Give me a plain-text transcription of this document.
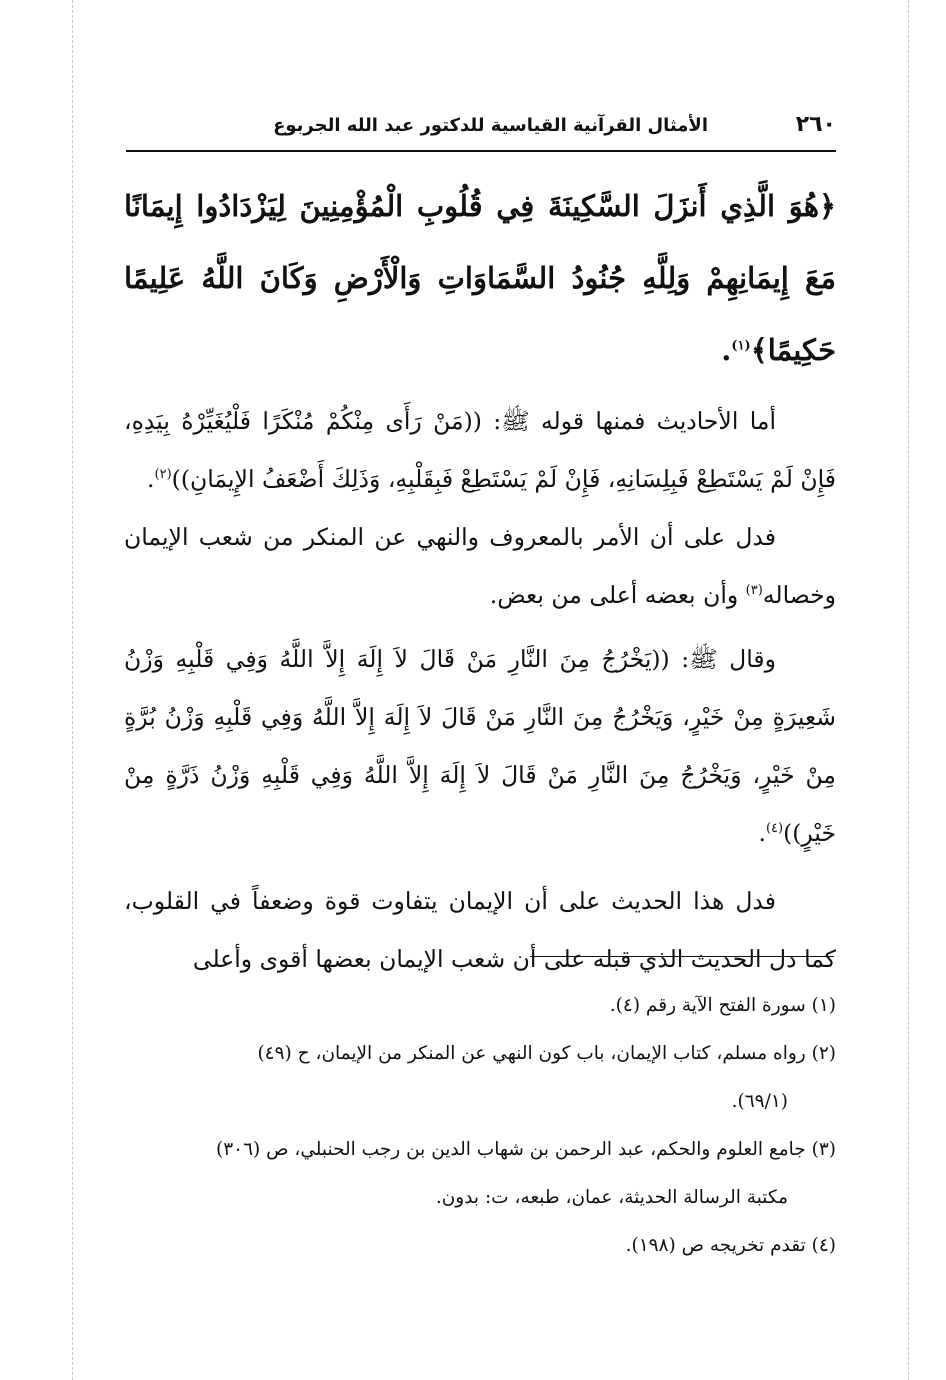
٢٦٠
الأمثال القرآنية القياسية للدكتور عبد الله الجربوع

﴿هُوَ الَّذِي أَنزَلَ السَّكِينَةَ فِي قُلُوبِ الْمُؤْمِنِينَ لِيَزْدَادُوا إِيمَانًا مَعَ إِيمَانِهِمْ وَلِلَّهِ جُنُودُ السَّمَاوَاتِ وَالْأَرْضِ وَكَانَ اللَّهُ عَلِيمًا حَكِيمًا﴾$^{(١)}$.

أما الأحاديث فمنها قوله ﷺ: ((مَنْ رَأَى مِنْكُمْ مُنْكَرًا فَلْيُغَيِّرْهُ بِيَدِهِ، فَإِنْ لَمْ يَسْتَطِعْ فَبِلِسَانِهِ، فَإِنْ لَمْ يَسْتَطِعْ فَبِقَلْبِهِ، وَذَلِكَ أَضْعَفُ الإِيمَانِ))$^{(٢)}$.

فدل على أن الأمر بالمعروف والنهي عن المنكر من شعب الإيمان وخصاله$^{(٣)}$ وأن بعضه أعلى من بعض.

وقال ﷺ: ((يَخْرُجُ مِنَ النَّارِ مَنْ قَالَ لاَ إِلَهَ إِلاَّ اللَّهُ وَفِي قَلْبِهِ وَزْنُ شَعِيرَةٍ مِنْ خَيْرٍ، وَيَخْرُجُ مِنَ النَّارِ مَنْ قَالَ لاَ إِلَهَ إِلاَّ اللَّهُ وَفِي قَلْبِهِ وَزْنُ بُرَّةٍ مِنْ خَيْرٍ، وَيَخْرُجُ مِنَ النَّارِ مَنْ قَالَ لاَ إِلَهَ إِلاَّ اللَّهُ وَفِي قَلْبِهِ وَزْنُ ذَرَّةٍ مِنْ خَيْرٍ))$^{(٤)}$.

فدل هذا الحديث على أن الإيمان يتفاوت قوة وضعفاً في القلوب، كما دل الحديث الذي قبله على أن شعب الإيمان بعضها أقوى وأعلى

(١) سورة الفتح الآية رقم (٤).

(٢) رواه مسلم، كتاب الإيمان، باب كون النهي عن المنكر من الإيمان، ح (٤٩)

(٦٩/١).

(٣) جامع العلوم والحكم، عبد الرحمن بن شهاب الدين بن رجب الحنبلي، ص (٣٠٦)

مكتبة الرسالة الحديثة، عمان، طبعه، ت: بدون.

(٤) تقدم تخريجه ص (١٩٨).
